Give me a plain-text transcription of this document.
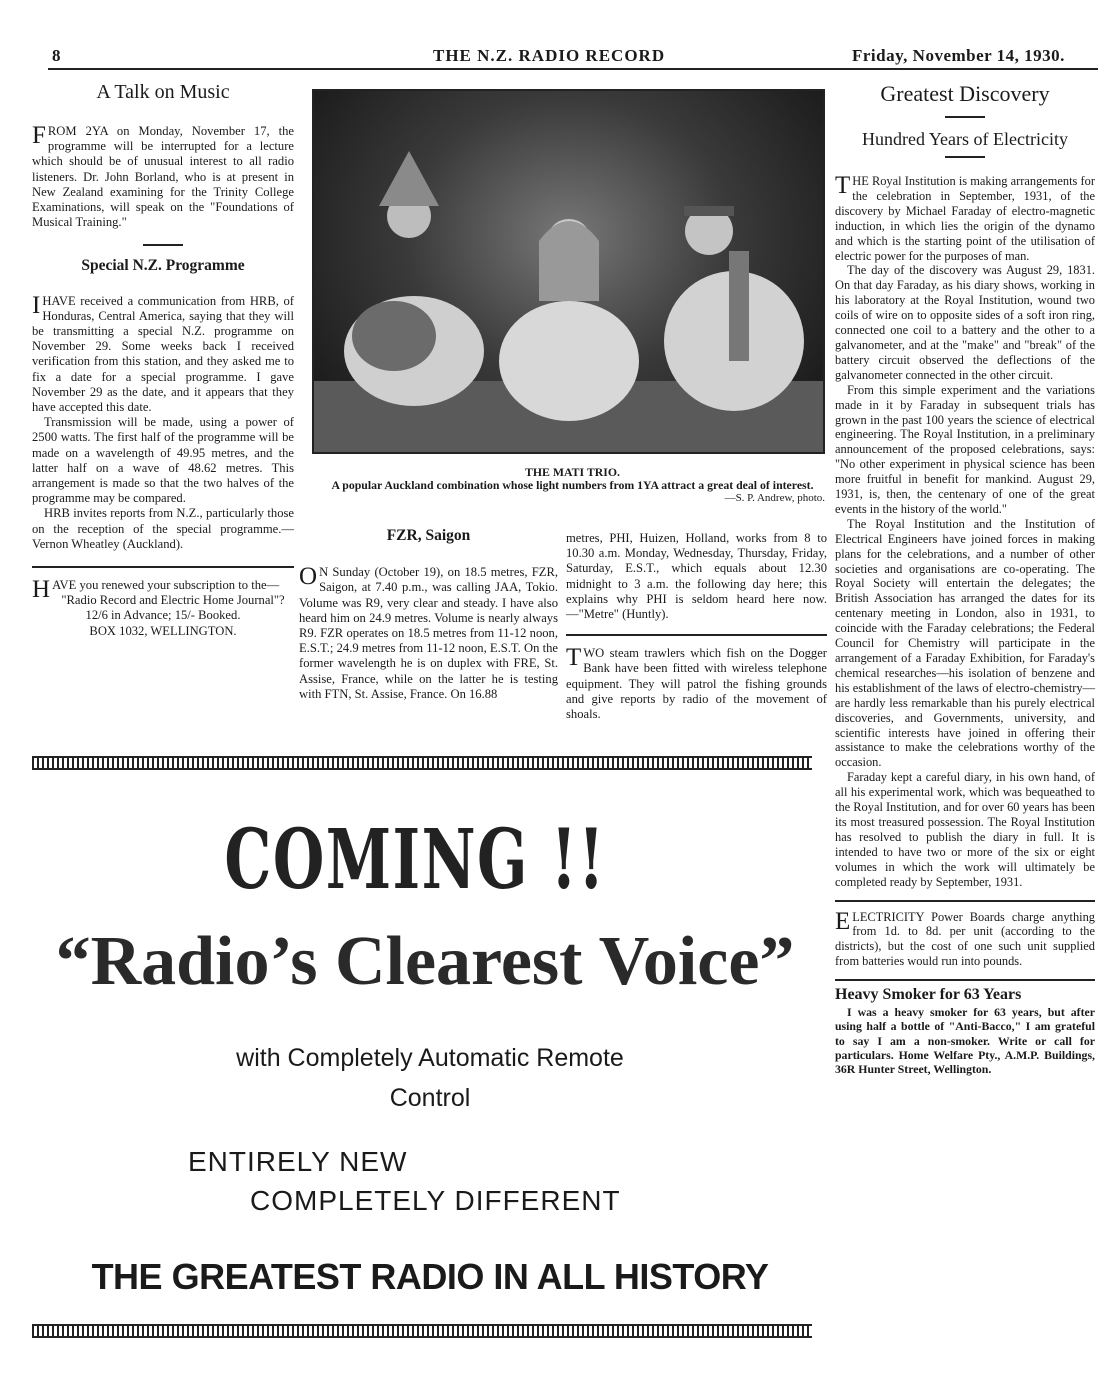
8	THE N.Z. RADIO RECORD	Friday, November 14, 1930.
A Talk on Music

FROM 2YA on Monday, November 17, the programme will be interrupted for a lecture which should be of unusual interest to all radio listeners. Dr. John Borland, who is at present in New Zealand examining for the Trinity College Examinations, will speak on the "Foundations of Musical Training."

Special N.Z. Programme

I HAVE received a communication from HRB, of Honduras, Central America, saying that they will be transmitting a special N.Z. programme on November 29. Some weeks back I received verification from this station, and they asked me to fix a date for a special programme. I gave November 29 as the date, and it appears that they have accepted this date.

Transmission will be made, using a power of 2500 watts. The first half of the programme will be made on a wavelength of 49.95 metres, and the latter half on a wave of 48.62 metres. This arrangement is made so that the two halves of the programme may be compared.

HRB invites reports from N.Z., particularly those on the reception of the special programme.—Vernon Wheatley (Auckland).

HAVE you renewed your subscription to the—

"Radio Record and Electric Home Journal"?
12/6 in Advance; 15/- Booked.
BOX 1032, WELLINGTON.
THE MATI TRIO.
A popular Auckland combination whose light numbers from 1YA attract a great deal of interest.
—S. P. Andrew, photo.
FZR, Saigon

O N Sunday (October 19), on 18.5 metres, FZR, Saigon, at 7.40 p.m., was calling JAA, Tokio. Volume was R9, very clear and steady. I have also heard him on 24.9 metres. Volume is nearly always R9. FZR operates on 18.5 metres from 11-12 noon, E.S.T.; 24.9 metres from 11-12 noon, E.S.T. On the former wavelength he is on duplex with FRE, St. Assise, France, while on the latter he is testing with FTN, St. Assise, France. On 16.88

metres, PHI, Huizen, Holland, works from 8 to 10.30 a.m. Monday, Wednesday, Thursday, Friday, Saturday, E.S.T., which equals about 12.30 midnight to 3 a.m. the following day here; this explains why PHI is seldom heard here now.—"Metre" (Huntly).

TWO steam trawlers which fish on the Dogger Bank have been fitted with wireless telephone equipment. They will patrol the fishing grounds and give reports by radio of the movement of shoals.

Greatest Discovery
Hundred Years of Electricity

THE Royal Institution is making arrangements for the celebration in September, 1931, of the discovery by Michael Faraday of electro-magnetic induction, in which lies the origin of the dynamo and which is the starting point of the utilisation of electric power for the purposes of man.

The day of the discovery was August 29, 1831. On that day Faraday, as his diary shows, working in his laboratory at the Royal Institution, wound two coils of wire on to opposite sides of a soft iron ring, connected one coil to a battery and the other to a galvanometer, and at the "make" and "break" of the battery circuit observed the deflections of the galvanometer connected in the other circuit.

From this simple experiment and the variations made in it by Faraday in subsequent trials has grown in the past 100 years the science of electrical engineering. The Royal Institution, in a preliminary announcement of the proposed celebrations, says: "No other experiment in physical science has been more fruitful in benefit for mankind. August 29, 1931, is, then, the centenary of one of the great events in the history of the world."

The Royal Institution and the Institution of Electrical Engineers have joined forces in making plans for the celebrations, and a number of other societies and organisations are co-operating. The Royal Society will entertain the delegates; the British Association has arranged the dates for its centenary meeting in London, also in 1931, to coincide with the Faraday celebrations; the Federal Council for Chemistry will participate in the arrangement of a Faraday Exhibition, for Faraday's chemical researches—his isolation of benzene and his establishment of the laws of electro-chemistry—are hardly less remarkable than his purely electrical discoveries, and Governments, university, and scientific interests have joined in offering their assistance to make the celebrations worthy of the occasion.

Faraday kept a careful diary, in his own hand, of all his experimental work, which was bequeathed to the Royal Institution, and for over 60 years has been its most treasured possession. The Royal Institution has resolved to publish the diary in full. It is intended to have two or more of the six or eight volumes in which the work will ultimately be completed ready by September, 1931.

ELECTRICITY Power Boards charge anything from 1d. to 8d. per unit (according to the districts), but the cost of one such unit supplied from batteries would run into pounds.

Heavy Smoker for 63 Years

I was a heavy smoker for 63 years, but after using half a bottle of "Anti-Bacco," I am grateful to say I am a non-smoker. Write or call for particulars. Home Welfare Pty., A.M.P. Buildings, 36R Hunter Street, Wellington.

COMING !!
“Radio’s Clearest Voice”
with Completely Automatic Remote
Control
ENTIRELY NEW
COMPLETELY DIFFERENT
THE GREATEST RADIO IN ALL HISTORY
